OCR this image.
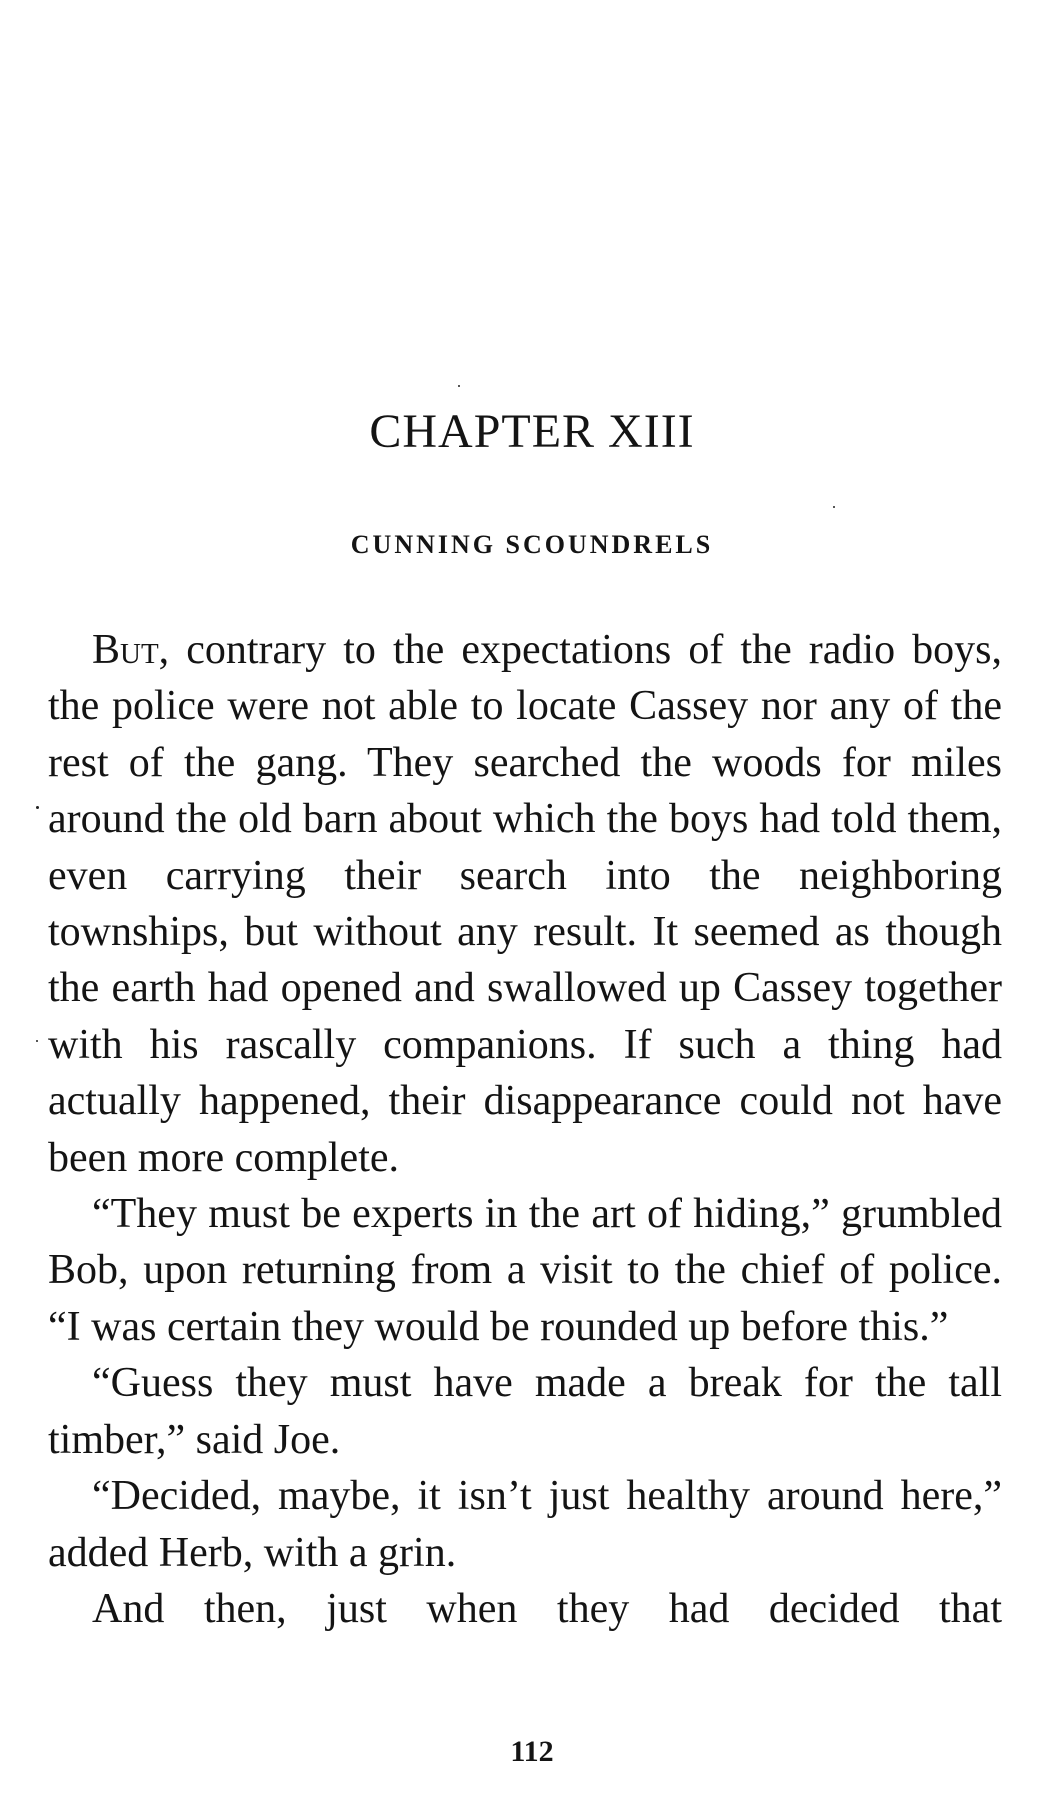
CHAPTER XIII
CUNNING SCOUNDRELS

But, contrary to the expectations of the radio boys, the police were not able to locate Cassey nor any of the rest of the gang. They searched the woods for miles around the old barn about which the boys had told them, even carrying their search into the neighboring townships, but without any result. It seemed as though the earth had opened and swallowed up Cassey together with his rascally companions. If such a thing had actually happened, their disappearance could not have been more complete.

“They must be experts in the art of hiding,” grumbled Bob, upon returning from a visit to the chief of police. “I was certain they would be rounded up before this.”

“Guess they must have made a break for the tall timber,” said Joe.

“Decided, maybe, it isn’t just healthy around here,” added Herb, with a grin.

And then, just when they had decided that

112
